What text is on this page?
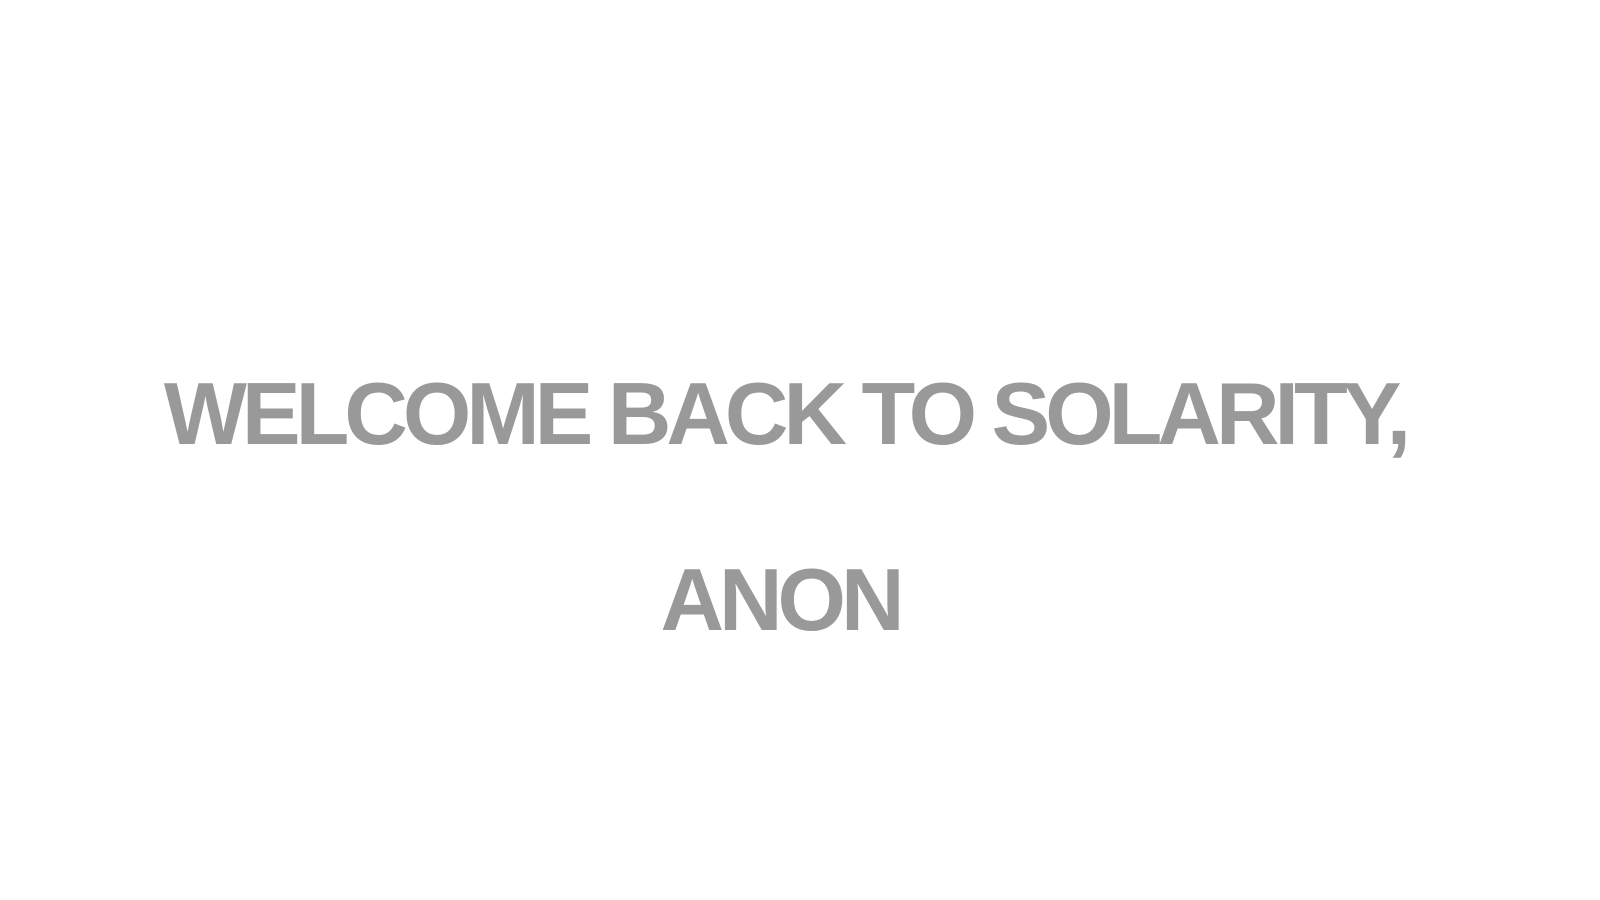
WELCOME BACK TO SOLARITY,
ANON
